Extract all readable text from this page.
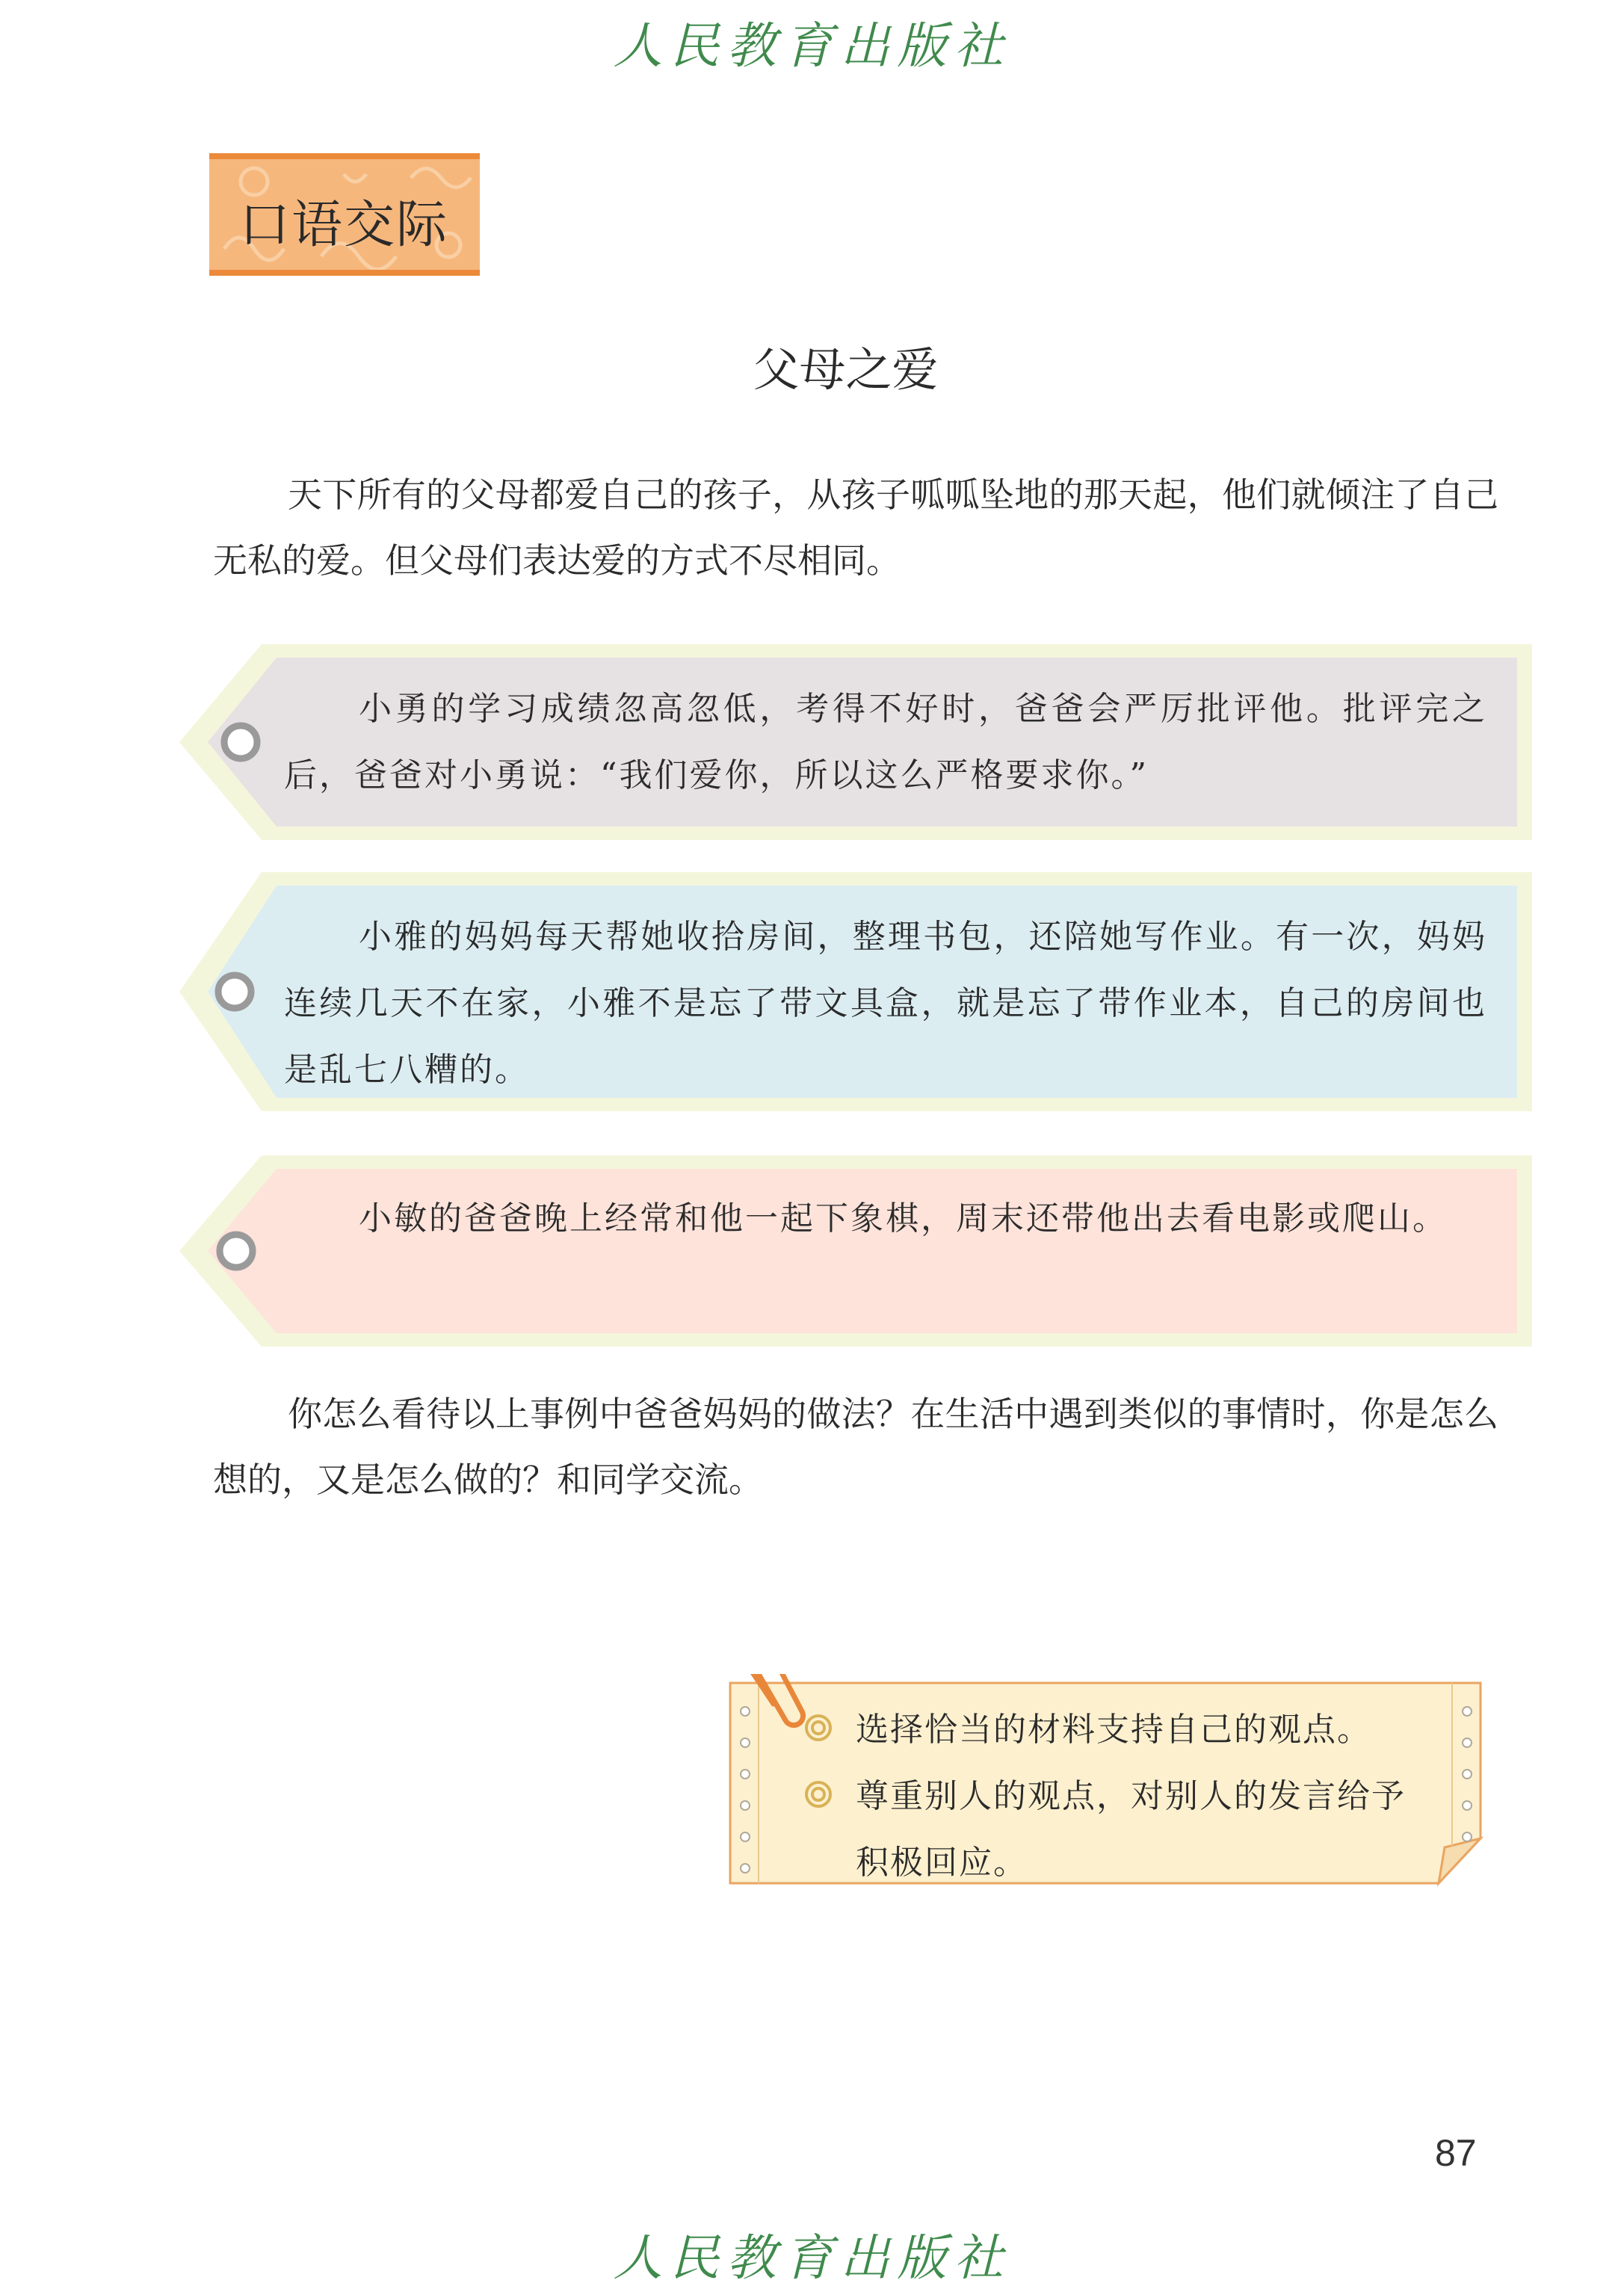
人民教育出版社
口语交际
父母之爱
天下所有的父母都爱自己的孩子，从孩子呱呱坠地的那天起，他们就倾注了自己无私的爱。但父母们表达爱的方式不尽相同。
小勇的学习成绩忽高忽低，考得不好时，爸爸会严厉批评他。批评完之后，爸爸对小勇说：“我们爱你，所以这么严格要求你。”
小雅的妈妈每天帮她收拾房间，整理书包，还陪她写作业。有一次，妈妈连续几天不在家，小雅不是忘了带文具盒，就是忘了带作业本，自己的房间也是乱七八糟的。
小敏的爸爸晚上经常和他一起下象棋，周末还带他出去看电影或爬山。
你怎么看待以上事例中爸爸妈妈的做法？在生活中遇到类似的事情时，你是怎么想的，又是怎么做的？和同学交流。
选择恰当的材料支持自己的观点。
尊重别人的观点，对别人的发言给予积极回应。
87
人民教育出版社
